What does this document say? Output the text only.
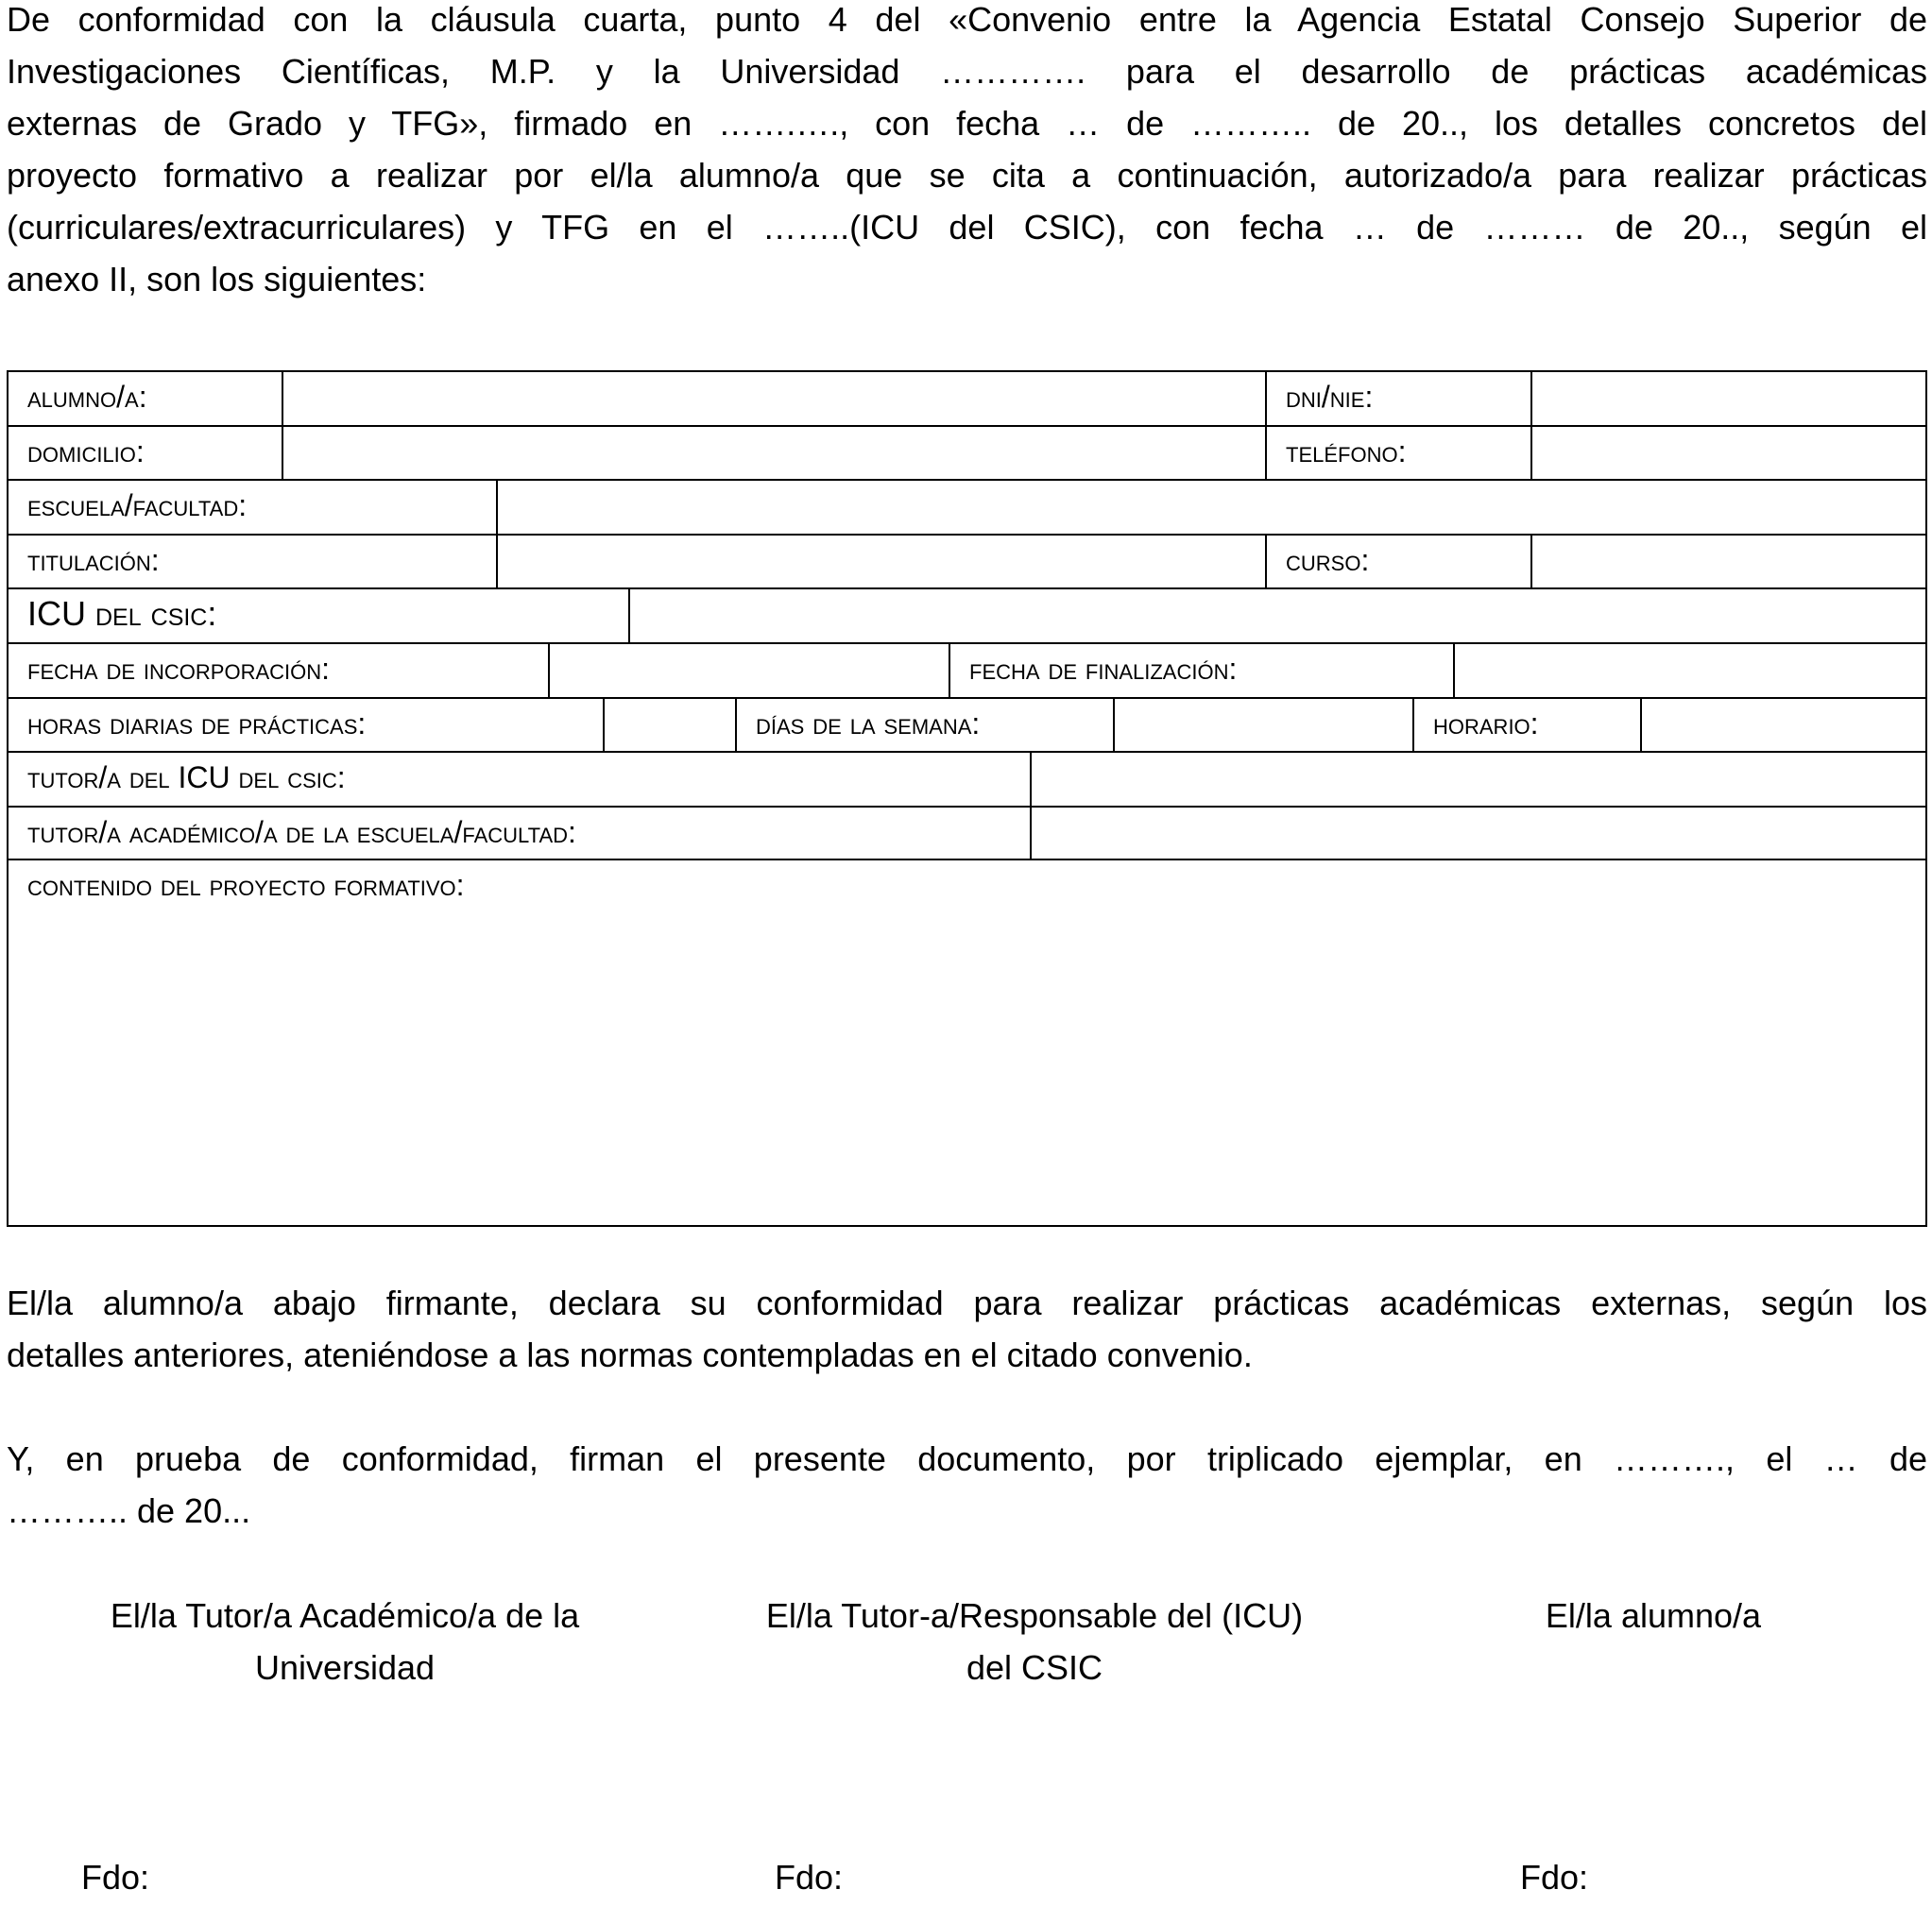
De conformidad con la cláusula cuarta, punto 4 del «Convenio entre la Agencia Estatal Consejo Superior de
Investigaciones Científicas, M.P. y la Universidad …………. para el desarrollo de prácticas académicas
externas de Grado y TFG», firmado en …….…., con fecha … de ……….. de 20.., los detalles concretos del
proyecto formativo a realizar por el/la alumno/a que se cita a continuación, autorizado/a para realizar prácticas
(curriculares/extracurriculares) y TFG en el ……..(ICU del CSIC), con fecha … de ……… de 20.., según el
anexo II, son los siguientes:
alumno/a:	dni/nie:
domicilio:	teléfono:
escuela/facultad:
titulación:	curso:
ICU del csic:
fecha de incorporación:	fecha de finalización:
horas diarias de prácticas:	días de la semana:	horario:
tutor/a del ICU del csic:
tutor/a académico/a de la escuela/facultad:
contenido del proyecto formativo:
El/la alumno/a abajo firmante, declara su conformidad para realizar prácticas académicas externas, según los
detalles anteriores, ateniéndose a las normas contempladas en el citado convenio.
Y, en prueba de conformidad, firman el presente documento, por triplicado ejemplar, en ………., el … de
……….. de 20...
El/la Tutor/a Académico/a de la
Universidad
El/la Tutor-a/Responsable del (ICU)
del CSIC
El/la alumno/a
Fdo:	Fdo:	Fdo:
